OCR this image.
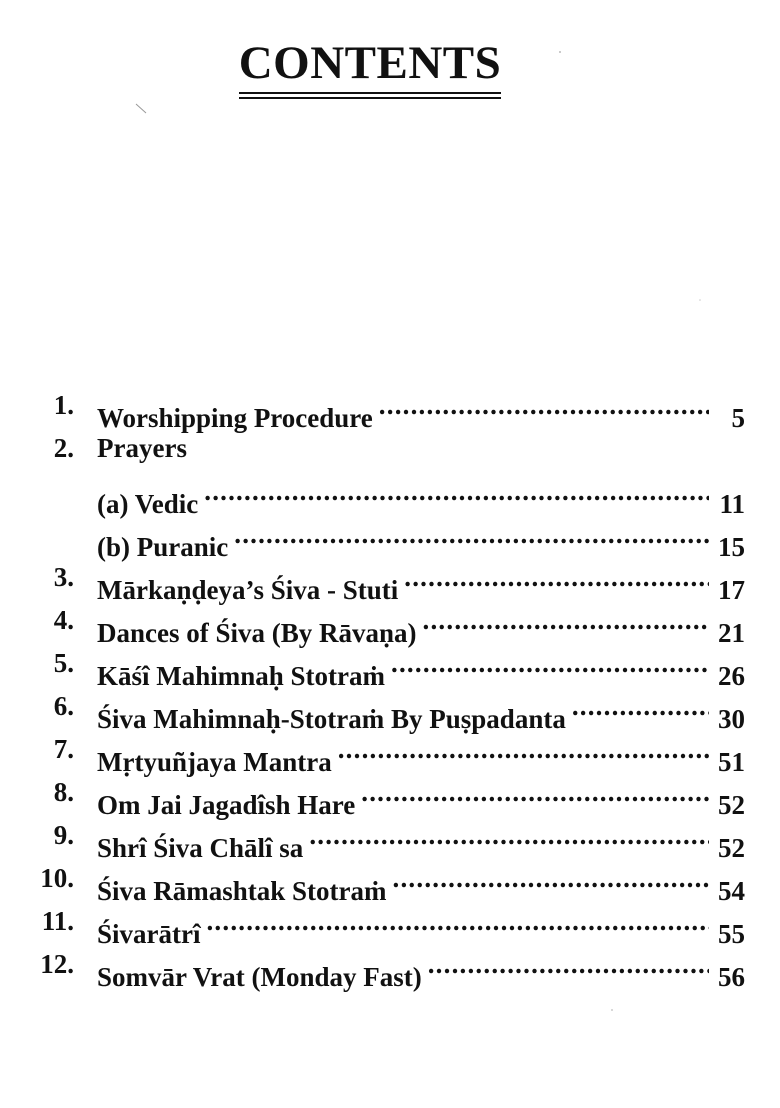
CONTENTS
1. Worshipping Procedure .....	5
2. Prayers
(a) Vedic .....	11
(b) Puranic .....	15
3. Mārkaṇḍeya’s Śiva - Stuti .....	17
4. Dances of Śiva (By Rāvaṇa) .....	21
5. Kāśî Mahimnaḥ Stotraṁ .....	26
6. Śiva Mahimnaḥ-Stotraṁ By Puṣpadanta .....	30
7. Mṛtyuñjaya Mantra .....	51
8. Om Jai Jagadîsh Hare .....	52
9. Shrî Śiva Chālî sa .....	52
10. Śiva Rāmashtak Stotraṁ .....	54
11. Śivarātrî .....	55
12. Somvār Vrat (Monday Fast) .....	56
